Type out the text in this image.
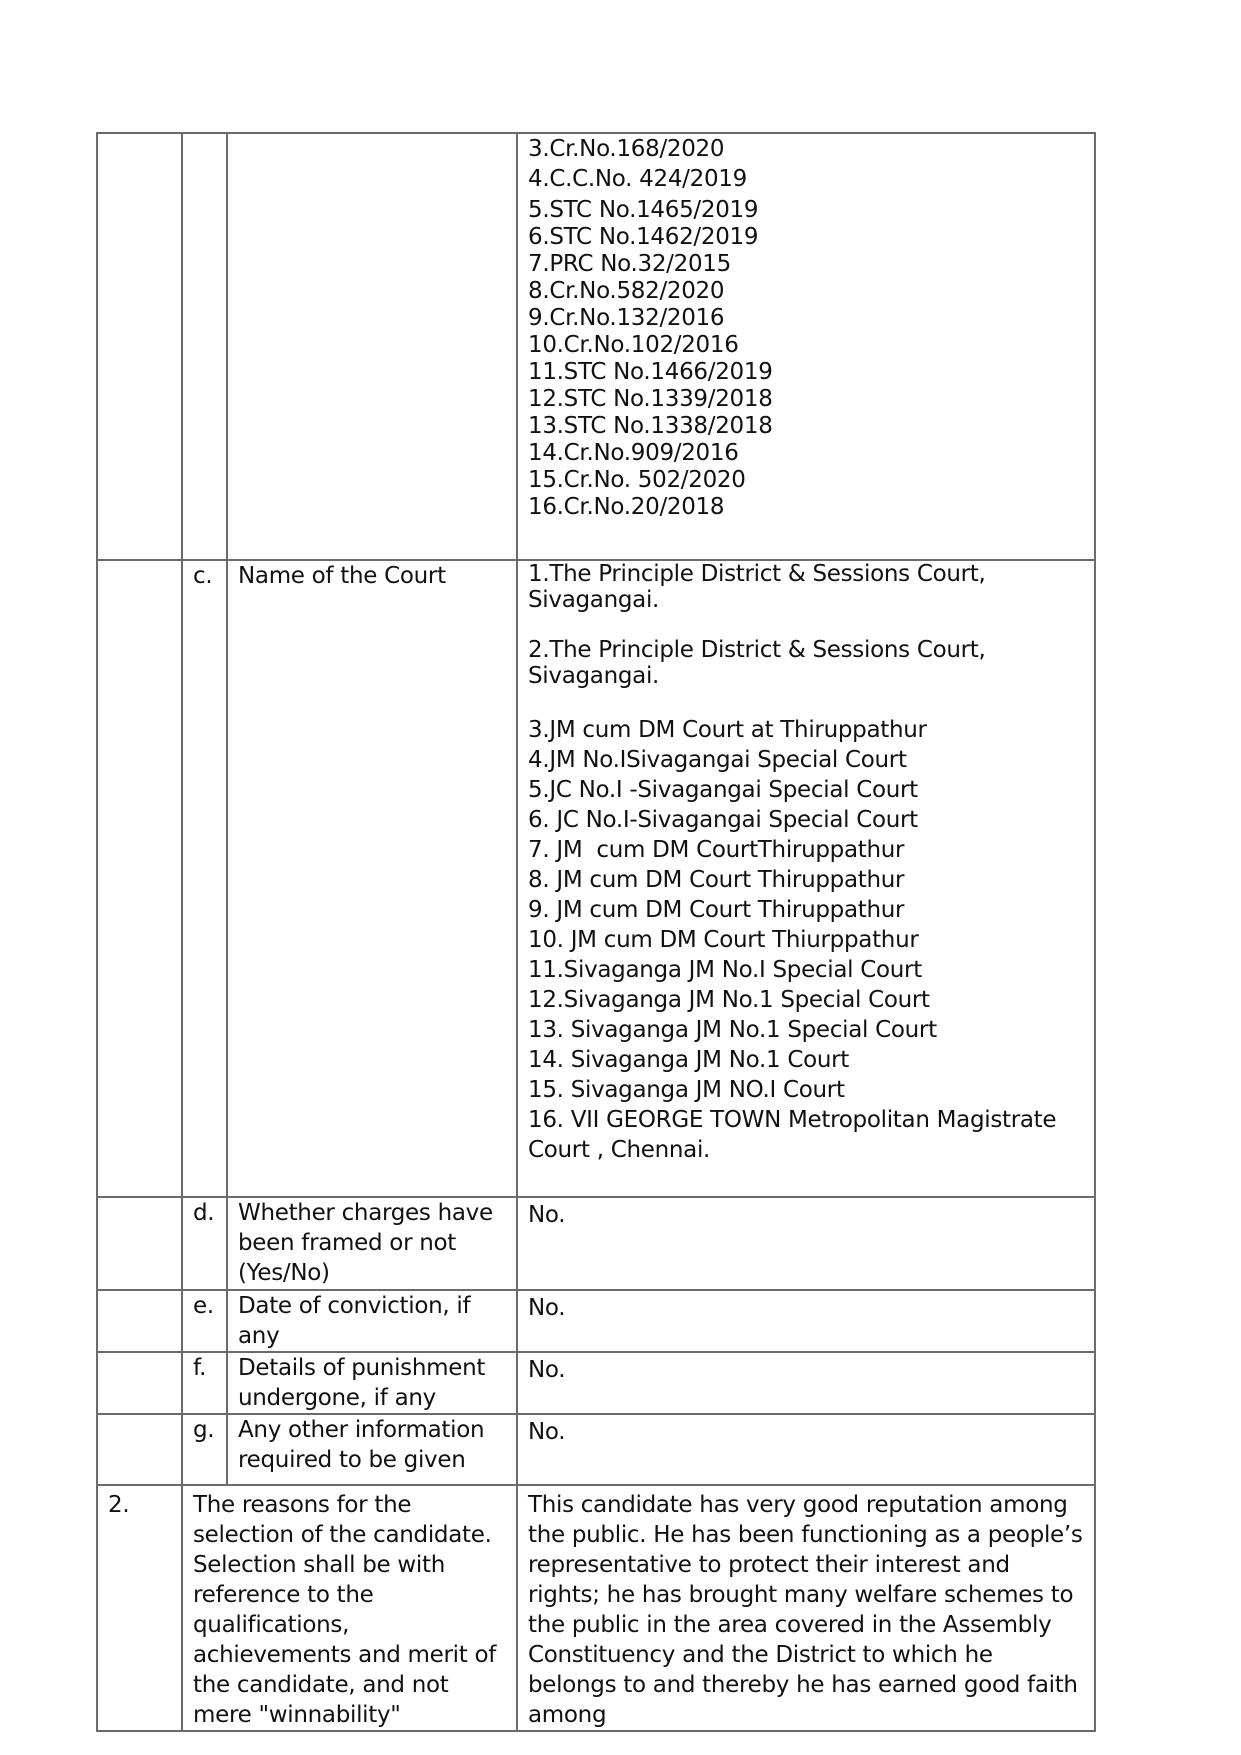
3.Cr.No.168/2020
4.C.C.No. 424/2019
5.STC No.1465/2019
6.STC No.1462/2019
7.PRC No.32/2015
8.Cr.No.582/2020
9.Cr.No.132/2016
10.Cr.No.102/2016
11.STC No.1466/2019
12.STC No.1339/2018
13.STC No.1338/2018
14.Cr.No.909/2016
15.Cr.No. 502/2020
16.Cr.No.20/2018

	c.	Name of the Court	1.The Principle District & Sessions Court,
Sivagangai.
2.The Principle District & Sessions Court,
Sivagangai.
3.JM cum DM Court at Thiruppathur
4.JM No.ISivagangai Special Court
5.JC No.I -Sivagangai Special Court
6. JC No.I-Sivagangai Special Court
7. JM  cum DM CourtThiruppathur
8. JM cum DM Court Thiruppathur
9. JM cum DM Court Thiruppathur
10. JM cum DM Court Thiurppathur
11.Sivaganga JM No.I Special Court
12.Sivaganga JM No.1 Special Court
13. Sivaganga JM No.1 Special Court
14. Sivaganga JM No.1 Court
15. Sivaganga JM NO.I Court
16. VII GEORGE TOWN Metropolitan Magistrate
Court , Chennai.

	d.	Whether charges have been framed or not (Yes/No)	No.

	e.	Date of conviction, if any	No.

	f.	Details of punishment undergone, if any	No.

	g.	Any other information required to be given	No.

2.	The reasons for the selection of the candidate. Selection shall be with reference to the qualifications, achievements and merit of the candidate, and not mere "winnability"		This candidate has very good reputation among the public. He has been functioning as a people’s representative to protect their interest and rights; he has brought many welfare schemes to the public in the area covered in the Assembly Constituency and the District to which he belongs to and thereby he has earned good faith among
